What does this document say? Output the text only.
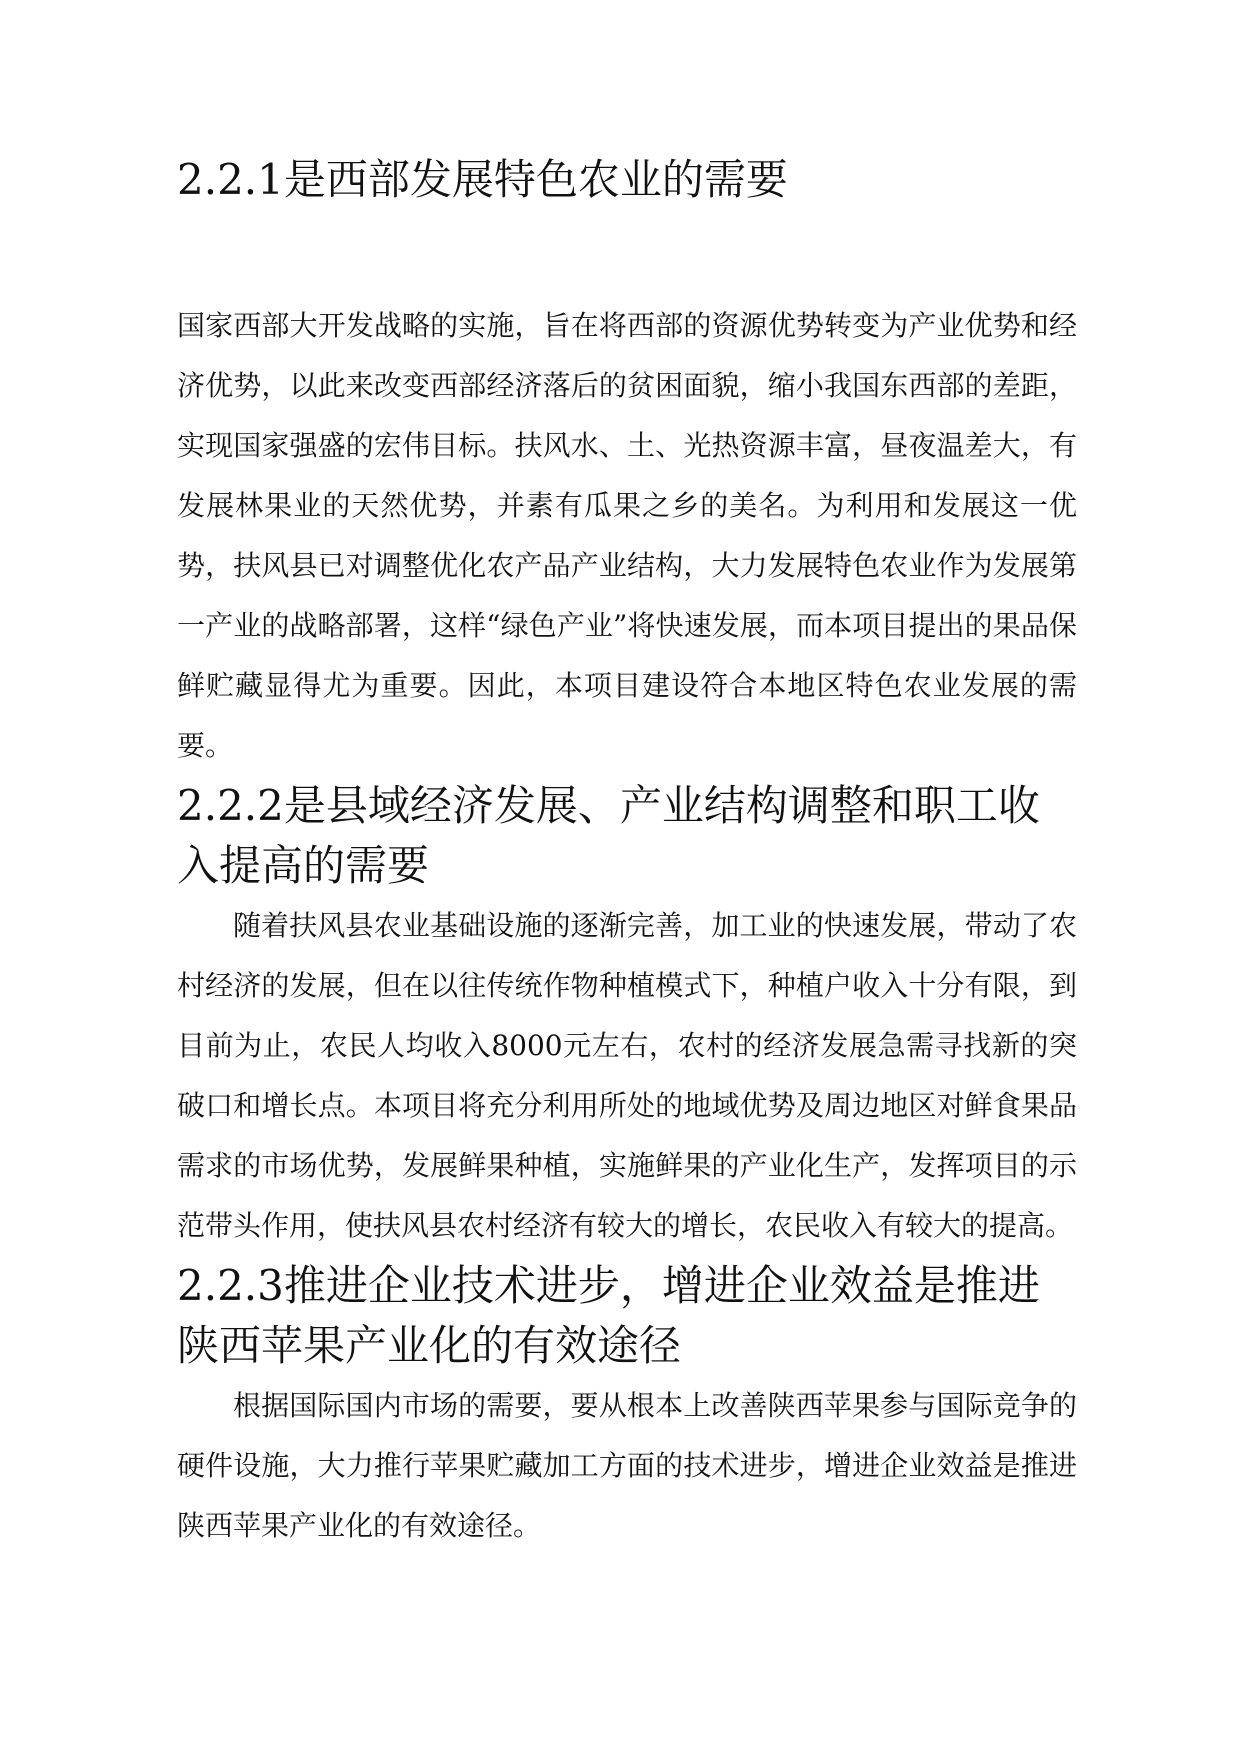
2.2.1是西部发展特色农业的需要

国家西部大开发战略的实施，旨在将西部的资源优势转变为产业优势和经济优势，以此来改变西部经济落后的贫困面貌，缩小我国东西部的差距，实现国家强盛的宏伟目标。扶风水、土、光热资源丰富，昼夜温差大，有发展林果业的天然优势，并素有瓜果之乡的美名。为利用和发展这一优势，扶风县已对调整优化农产品产业结构，大力发展特色农业作为发展第一产业的战略部署，这样“绿色产业”将快速发展，而本项目提出的果品保鲜贮藏显得尤为重要。因此，本项目建设符合本地区特色农业发展的需要。

2.2.2是县域经济发展、产业结构调整和职工收入提高的需要

随着扶风县农业基础设施的逐渐完善，加工业的快速发展，带动了农村经济的发展，但在以往传统作物种植模式下，种植户收入十分有限，到目前为止，农民人均收入8000元左右，农村的经济发展急需寻找新的突破口和增长点。本项目将充分利用所处的地域优势及周边地区对鲜食果品需求的市场优势，发展鲜果种植，实施鲜果的产业化生产，发挥项目的示范带头作用，使扶风县农村经济有较大的增长，农民收入有较大的提高。

2.2.3推进企业技术进步，增进企业效益是推进陕西苹果产业化的有效途径

根据国际国内市场的需要，要从根本上改善陕西苹果参与国际竞争的硬件设施，大力推行苹果贮藏加工方面的技术进步，增进企业效益是推进陕西苹果产业化的有效途径。
